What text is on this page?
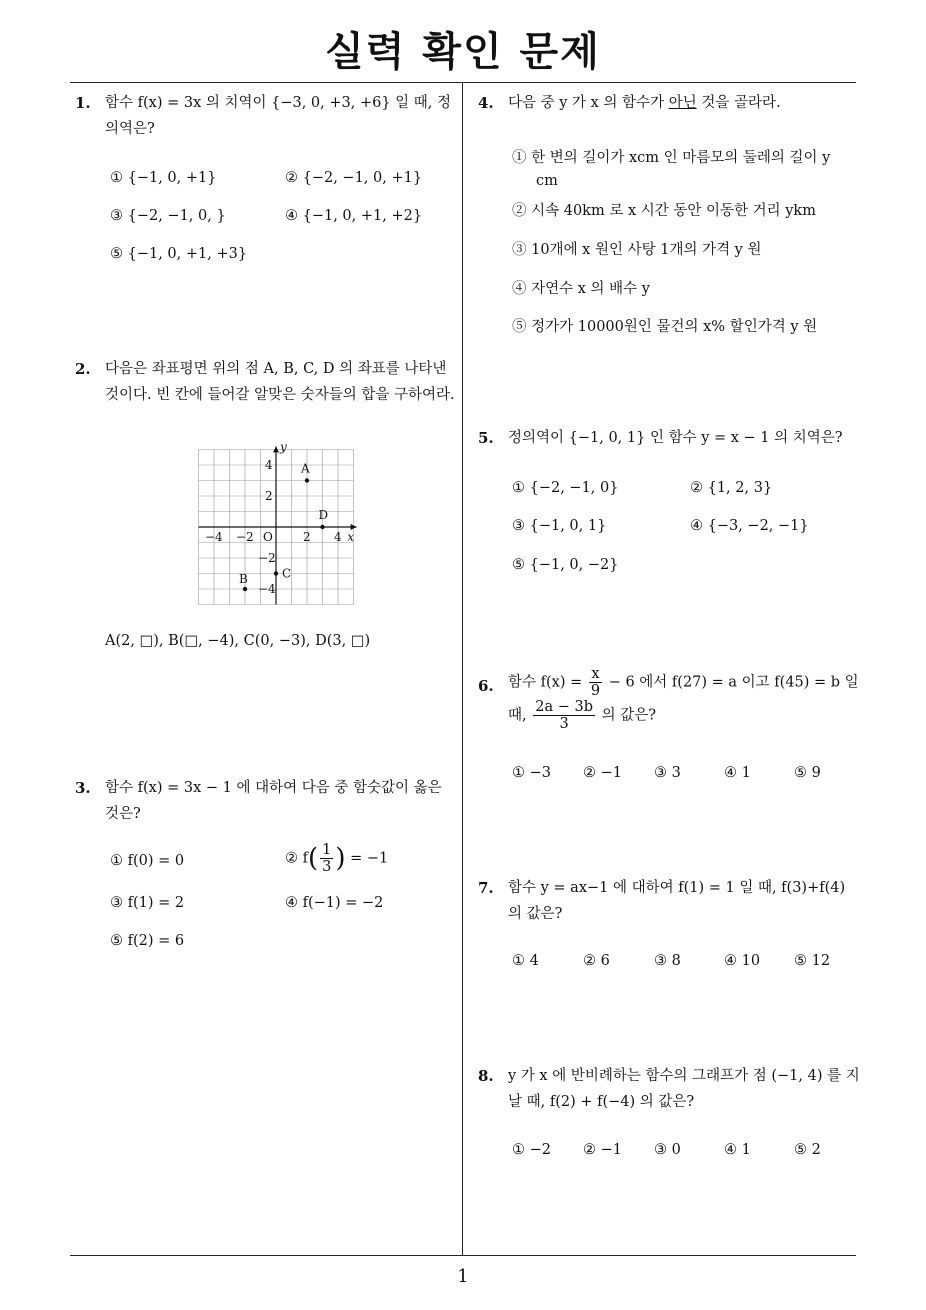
실력 확인 문제
1
1. 함수 f(x) = 3x 의 치역이 {−3, 0, +3, +6} 일 때, 정의역은?
① {−1, 0, +1}	② {−2, −1, 0, +1}
③ {−2, −1, 0, }	④ {−1, 0, +1, +2}
⑤ {−1, 0, +1, +3}
2. 다음은 좌표평면 위의 점 A, B, C, D 의 좌표를 나타낸 것이다. 빈 칸에 들어갈 알맞은 숫자들의 합을 구하여라.
x
y
O
−4 −2	2 4
4
2
−2
−4
A
B	C
D
A(2, □), B(□, −4), C(0, −3), D(3, □)
3. 함수 f(x) = 3x − 1 에 대하여 다음 중 함숫값이 옳은 것은?
① f(0) = 0	② $f( \frac{1}{3}$ ) = −1
③ f(1) = 2	④ f(−1) = −2
⑤ f(2) = 6
4. 다음 중 y 가 x 의 함수가 아닌 것을 골라라.
① 한 변의 길이가 xcm 인 마름모의 둘레의 길이 y
cm
② 시속 40km 로 x 시간 동안 이동한 거리 ykm
③ 10개에 x 원인 사탕 1개의 가격 y 원
④ 자연수 x 의 배수 y
⑤ 정가가 10000원인 물건의 x% 할인가격 y 원
5. 정의역이 {−1, 0, 1} 인 함수 y = x − 1 의 치역은?
① {−2, −1, 0}	② {1, 2, 3}
③ {−1, 0, 1}	④ {−3, −2, −1}
⑤ {−1, 0, −2}
6. 함수 $f(x) = \frac{x}{9} - 6$ 에서 f(27) = a 이고 f(45) = b 일
때, $\frac{2a - 3b}{3}$ 의 값은?
① −3 ② −1 ③ 3	④ 1	⑤ 9
7. 함수 y = ax−1 에 대하여 f(1) = 1 일 때, f(3)+f(4) 의 값은?
① 4	② 6	③ 8	④ 10 ⑤ 12
8. y 가 x 에 반비례하는 함수의 그래프가 점 (−1, 4) 를 지날 때, f(2) + f(−4) 의 값은?
① −2 ② −1 ③ 0	④ 1	⑤ 2
